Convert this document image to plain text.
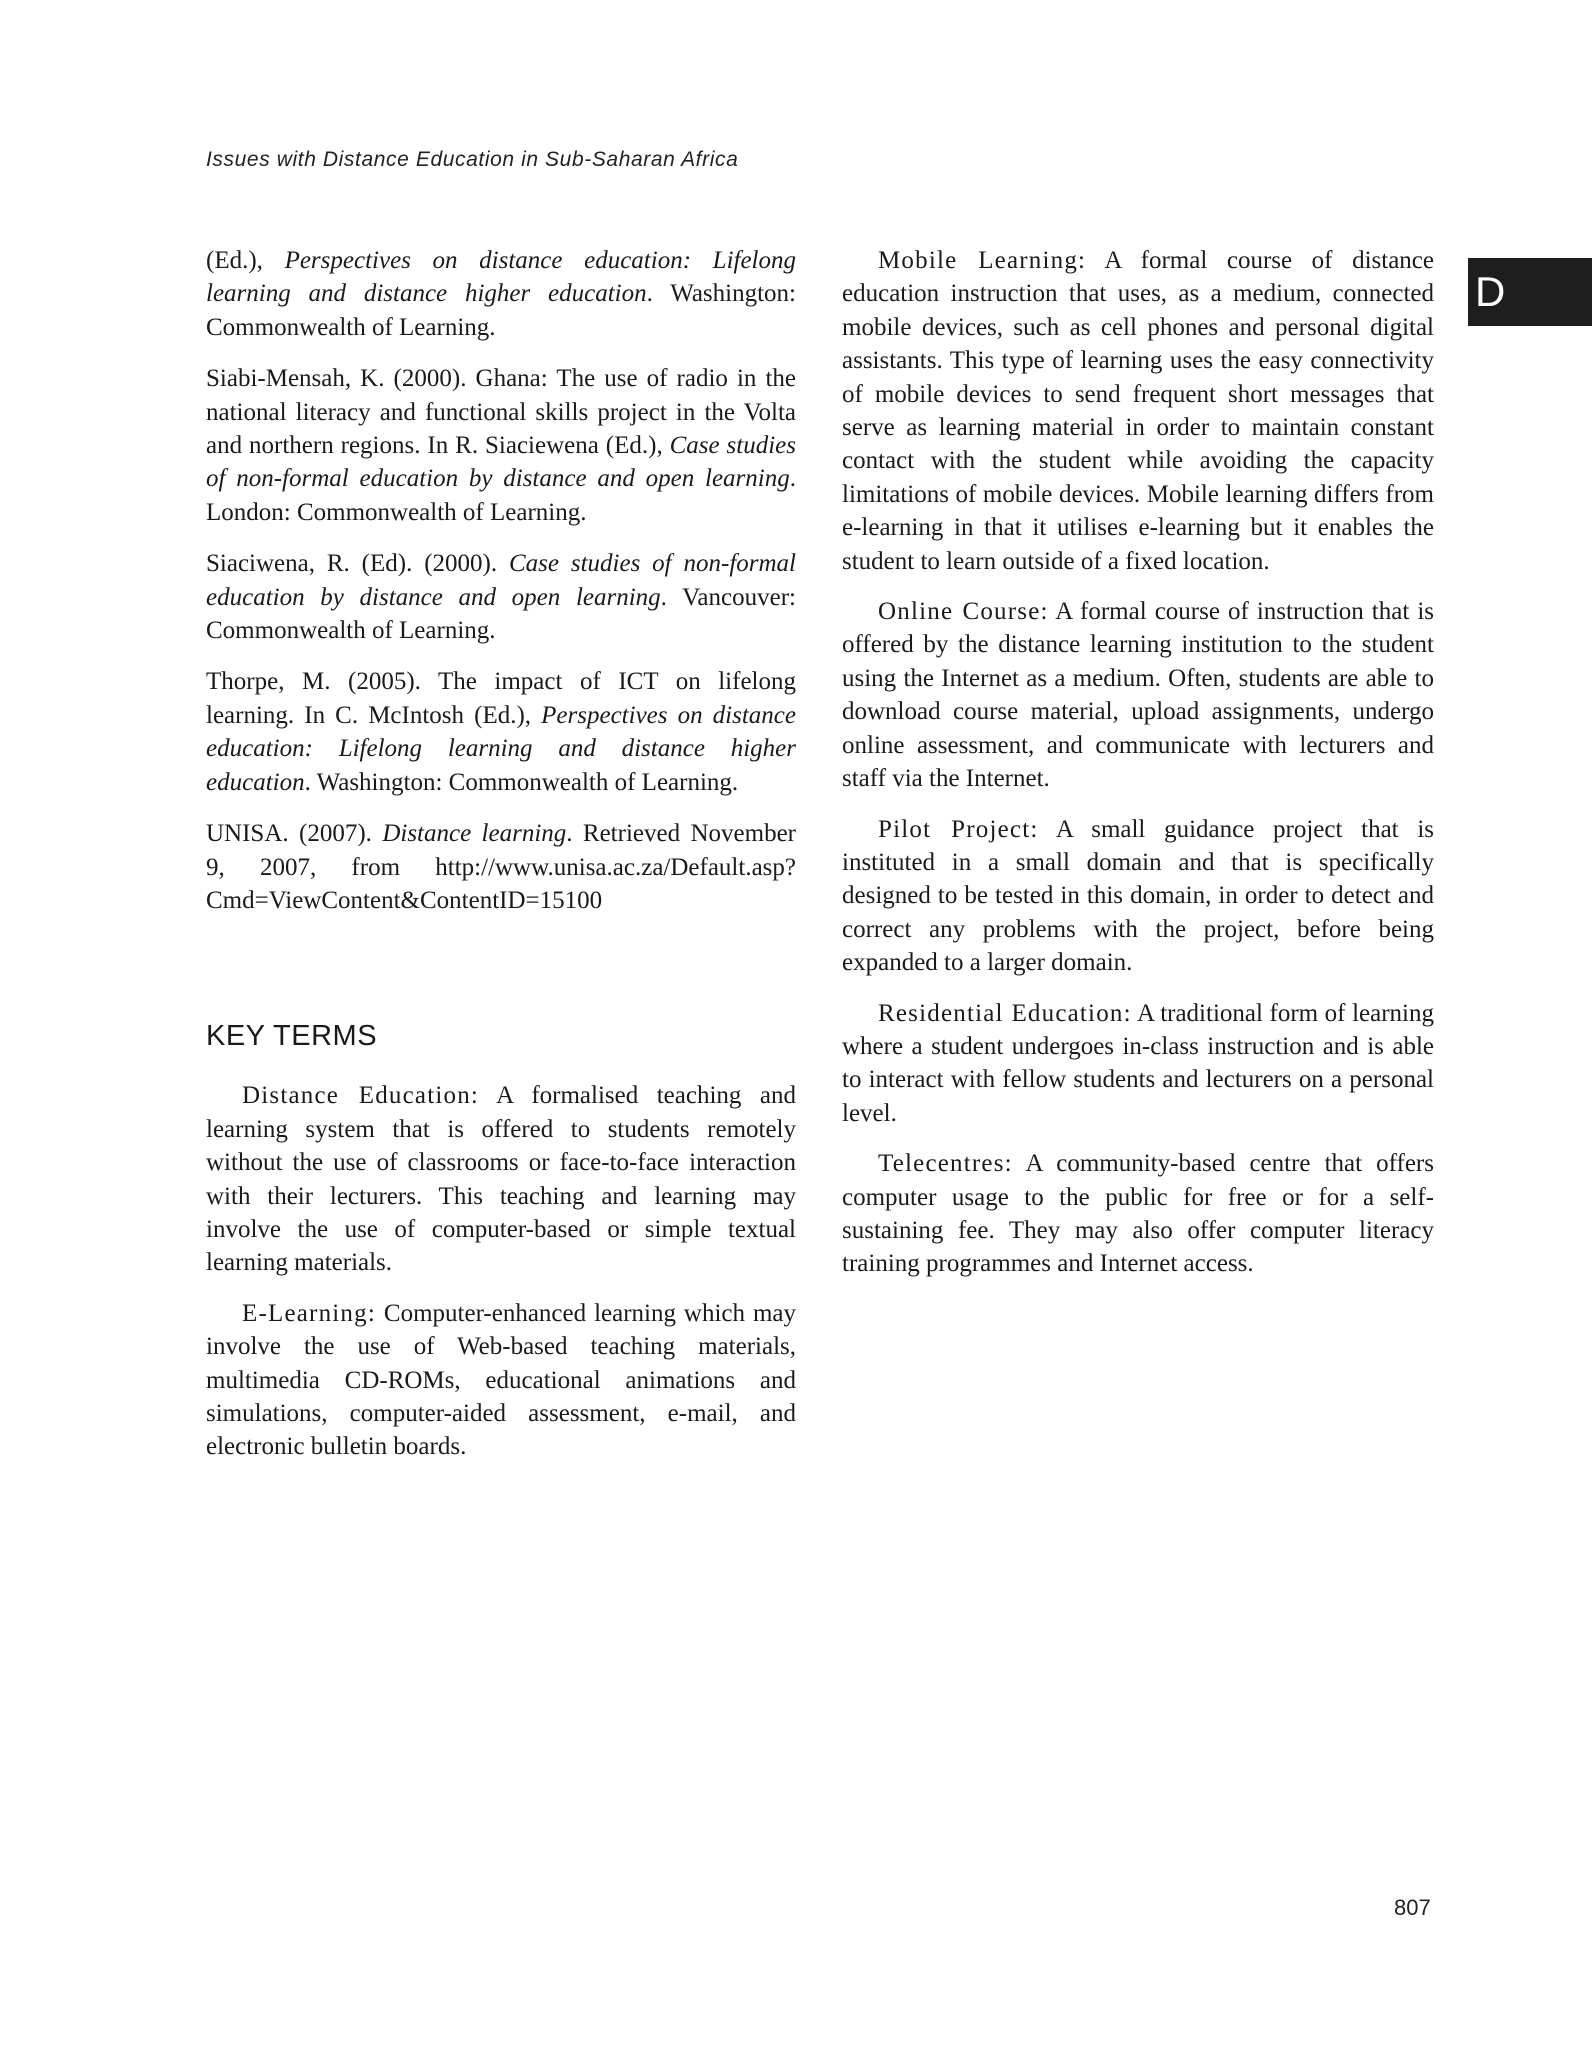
Issues with Distance Education in Sub-Saharan Africa
D

(Ed.), Perspectives on distance education: Lifelong learning and distance higher education. Washington: Commonwealth of Learning.

Siabi-Mensah, K. (2000). Ghana: The use of radio in the national literacy and functional skills project in the Volta and northern regions. In R. Siaciewena (Ed.), Case studies of non-formal education by distance and open learning. London: Commonwealth of Learning.

Siaciwena, R. (Ed). (2000). Case studies of non-formal education by distance and open learning. Vancouver: Commonwealth of Learning.

Thorpe, M. (2005). The impact of ICT on lifelong learning. In C. McIntosh (Ed.), Perspectives on distance education: Lifelong learning and distance higher education. Washington: Commonwealth of Learning.

UNISA. (2007). Distance learning. Retrieved November 9, 2007, from http://www.unisa.ac.za/Default.asp?Cmd=ViewContent&ContentID=15100

KEY TERMS

Distance Education: A formalised teaching and learning system that is offered to students remotely without the use of classrooms or face-to-face interaction with their lecturers. This teaching and learning may involve the use of computer-based or simple textual learning materials.

E-Learning: Computer-enhanced learning which may involve the use of Web-based teaching materials, multimedia CD-ROMs, educational animations and simulations, computer-aided assessment, e-mail, and electronic bulletin boards.

Mobile Learning: A formal course of distance education instruction that uses, as a medium, connected mobile devices, such as cell phones and personal digital assistants. This type of learning uses the easy connectivity of mobile devices to send frequent short messages that serve as learning material in order to maintain constant contact with the student while avoiding the capacity limitations of mobile devices. Mobile learning differs from e-learning in that it utilises e-learning but it enables the student to learn outside of a fixed location.

Online Course: A formal course of instruction that is offered by the distance learning institution to the student using the Internet as a medium. Often, students are able to download course material, upload assignments, undergo online assessment, and communicate with lecturers and staff via the Internet.

Pilot Project: A small guidance project that is instituted in a small domain and that is specifically designed to be tested in this domain, in order to detect and correct any problems with the project, before being expanded to a larger domain.

Residential Education: A traditional form of learning where a student undergoes in-class instruction and is able to interact with fellow students and lecturers on a personal level.

Telecentres: A community-based centre that offers computer usage to the public for free or for a self-sustaining fee. They may also offer computer literacy training programmes and Internet access.

807
